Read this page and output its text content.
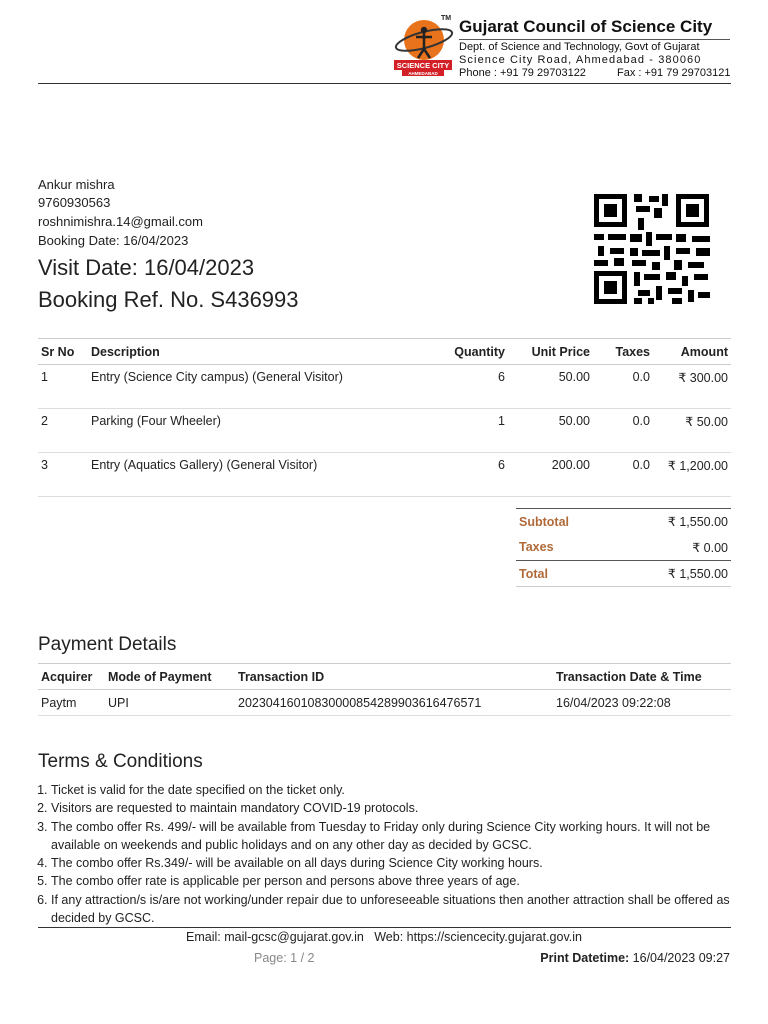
SCIENCE CITY
AHMEDABAD
TM Gujarat Council of Science City
Dept. of Science and Technology, Govt of Gujarat
Science City Road, Ahmedabad - 380060
Phone : +91 79 29703122	Fax : +91 79 29703121
Ankur mishra
9760930563
roshnimishra.14@gmail.com
Booking Date: 16/04/2023
Visit Date: 16/04/2023
Booking Ref. No. S436993
Sr No	Description	Quantity	Unit Price	Taxes	Amount
1	Entry (Science City campus) (General Visitor)	6	50.00	0.0	₹ 300.00
2	Parking (Four Wheeler)	1	50.00	0.0	₹ 50.00
3	Entry (Aquatics Gallery) (General Visitor)	6	200.00	0.0	₹ 1,200.00
Subtotal	₹ 1,550.00
Taxes	₹ 0.00
Total	₹ 1,550.00
Payment Details
Acquirer	Mode of Payment	Transaction ID	Transaction Date & Time
Paytm	UPI	20230416010830000854289903616476571	16/04/2023 09:22:08
Terms & Conditions
1. Ticket is valid for the date specified on the ticket only.
2. Visitors are requested to maintain mandatory COVID-19 protocols.
3. The combo offer Rs. 499/- will be available from Tuesday to Friday only during Science City working hours. It will not be available on weekends and public holidays and on any other day as decided by GCSC.
4. The combo offer Rs.349/- will be available on all days during Science City working hours.
5. The combo offer rate is applicable per person and persons above three years of age.
6. If any attraction/s is/are not working/under repair due to unforeseeable situations then another attraction shall be offered as decided by GCSC.
Email: mail-gcsc@gujarat.gov.in   Web: https://sciencecity.gujarat.gov.in
Page: 1 / 2	Print Datetime: 16/04/2023 09:27
